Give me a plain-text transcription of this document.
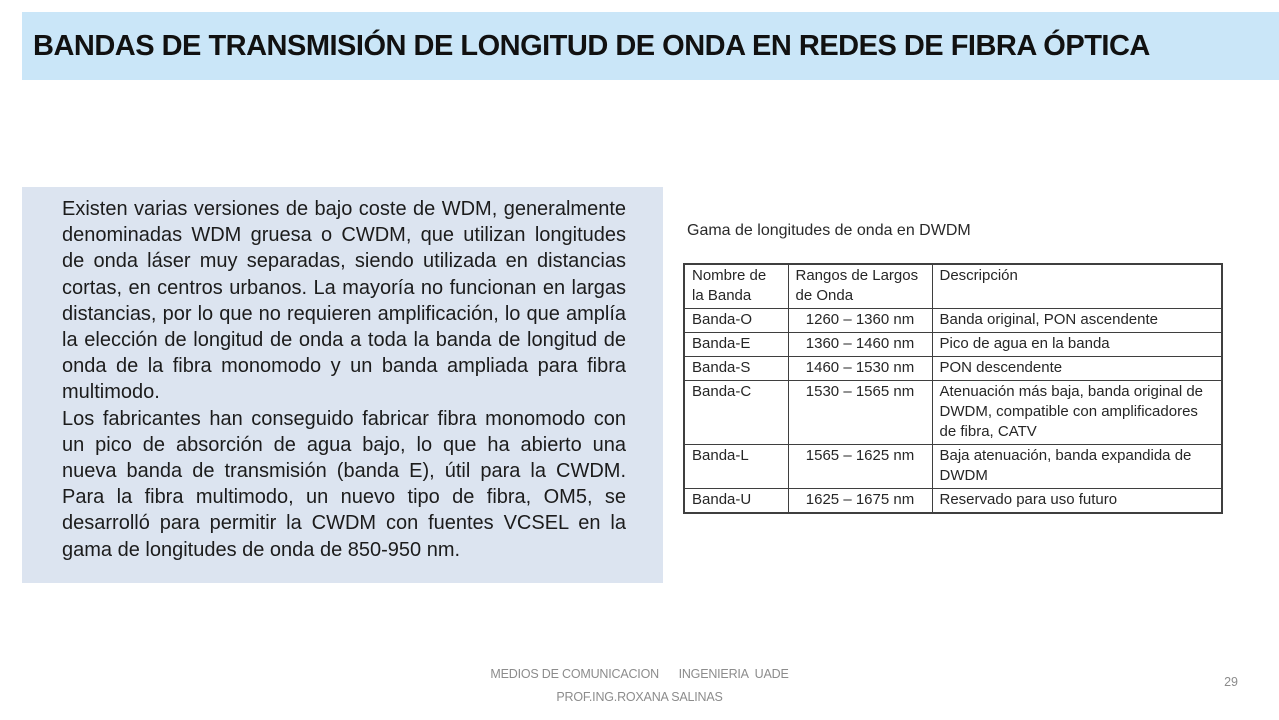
BANDAS DE TRANSMISIÓN DE LONGITUD DE ONDA EN REDES DE FIBRA ÓPTICA

Existen varias versiones de bajo coste de WDM, generalmente denominadas WDM gruesa o CWDM, que utilizan longitudes de onda láser muy separadas, siendo utilizada en distancias cortas, en centros urbanos. La mayoría no funcionan en largas distancias, por lo que no requieren amplificación, lo que amplía la elección de longitud de onda a toda la banda de longitud de onda de la fibra monomodo y un banda ampliada para fibra multimodo.

Los fabricantes han conseguido fabricar fibra monomodo con un pico de absorción de agua bajo, lo que ha abierto una nueva banda de transmisión (banda E), útil para la CWDM. Para la fibra multimodo, un nuevo tipo de fibra, OM5, se desarrolló para permitir la CWDM con fuentes VCSEL en la gama de longitudes de onda de 850-950 nm.

Gama de longitudes de onda en DWDM
Nombre de la Banda	Rangos de Largos de Onda	Descripción
Banda-O	1260 – 1360 nm	Banda original, PON ascendente
Banda-E	1360 – 1460 nm	Pico de agua en la banda
Banda-S	1460 – 1530 nm	PON descendente
Banda-C	1530 – 1565 nm	Atenuación más baja, banda original de DWDM, compatible con amplificadores de fibra, CATV
Banda-L	1565 – 1625 nm	Baja atenuación, banda expandida de DWDM
Banda-U	1625 – 1675 nm	Reservado para uso futuro
MEDIOS DE COMUNICACION      INGENIERIA  UADE
PROF.ING.ROXANA SALINAS
29
